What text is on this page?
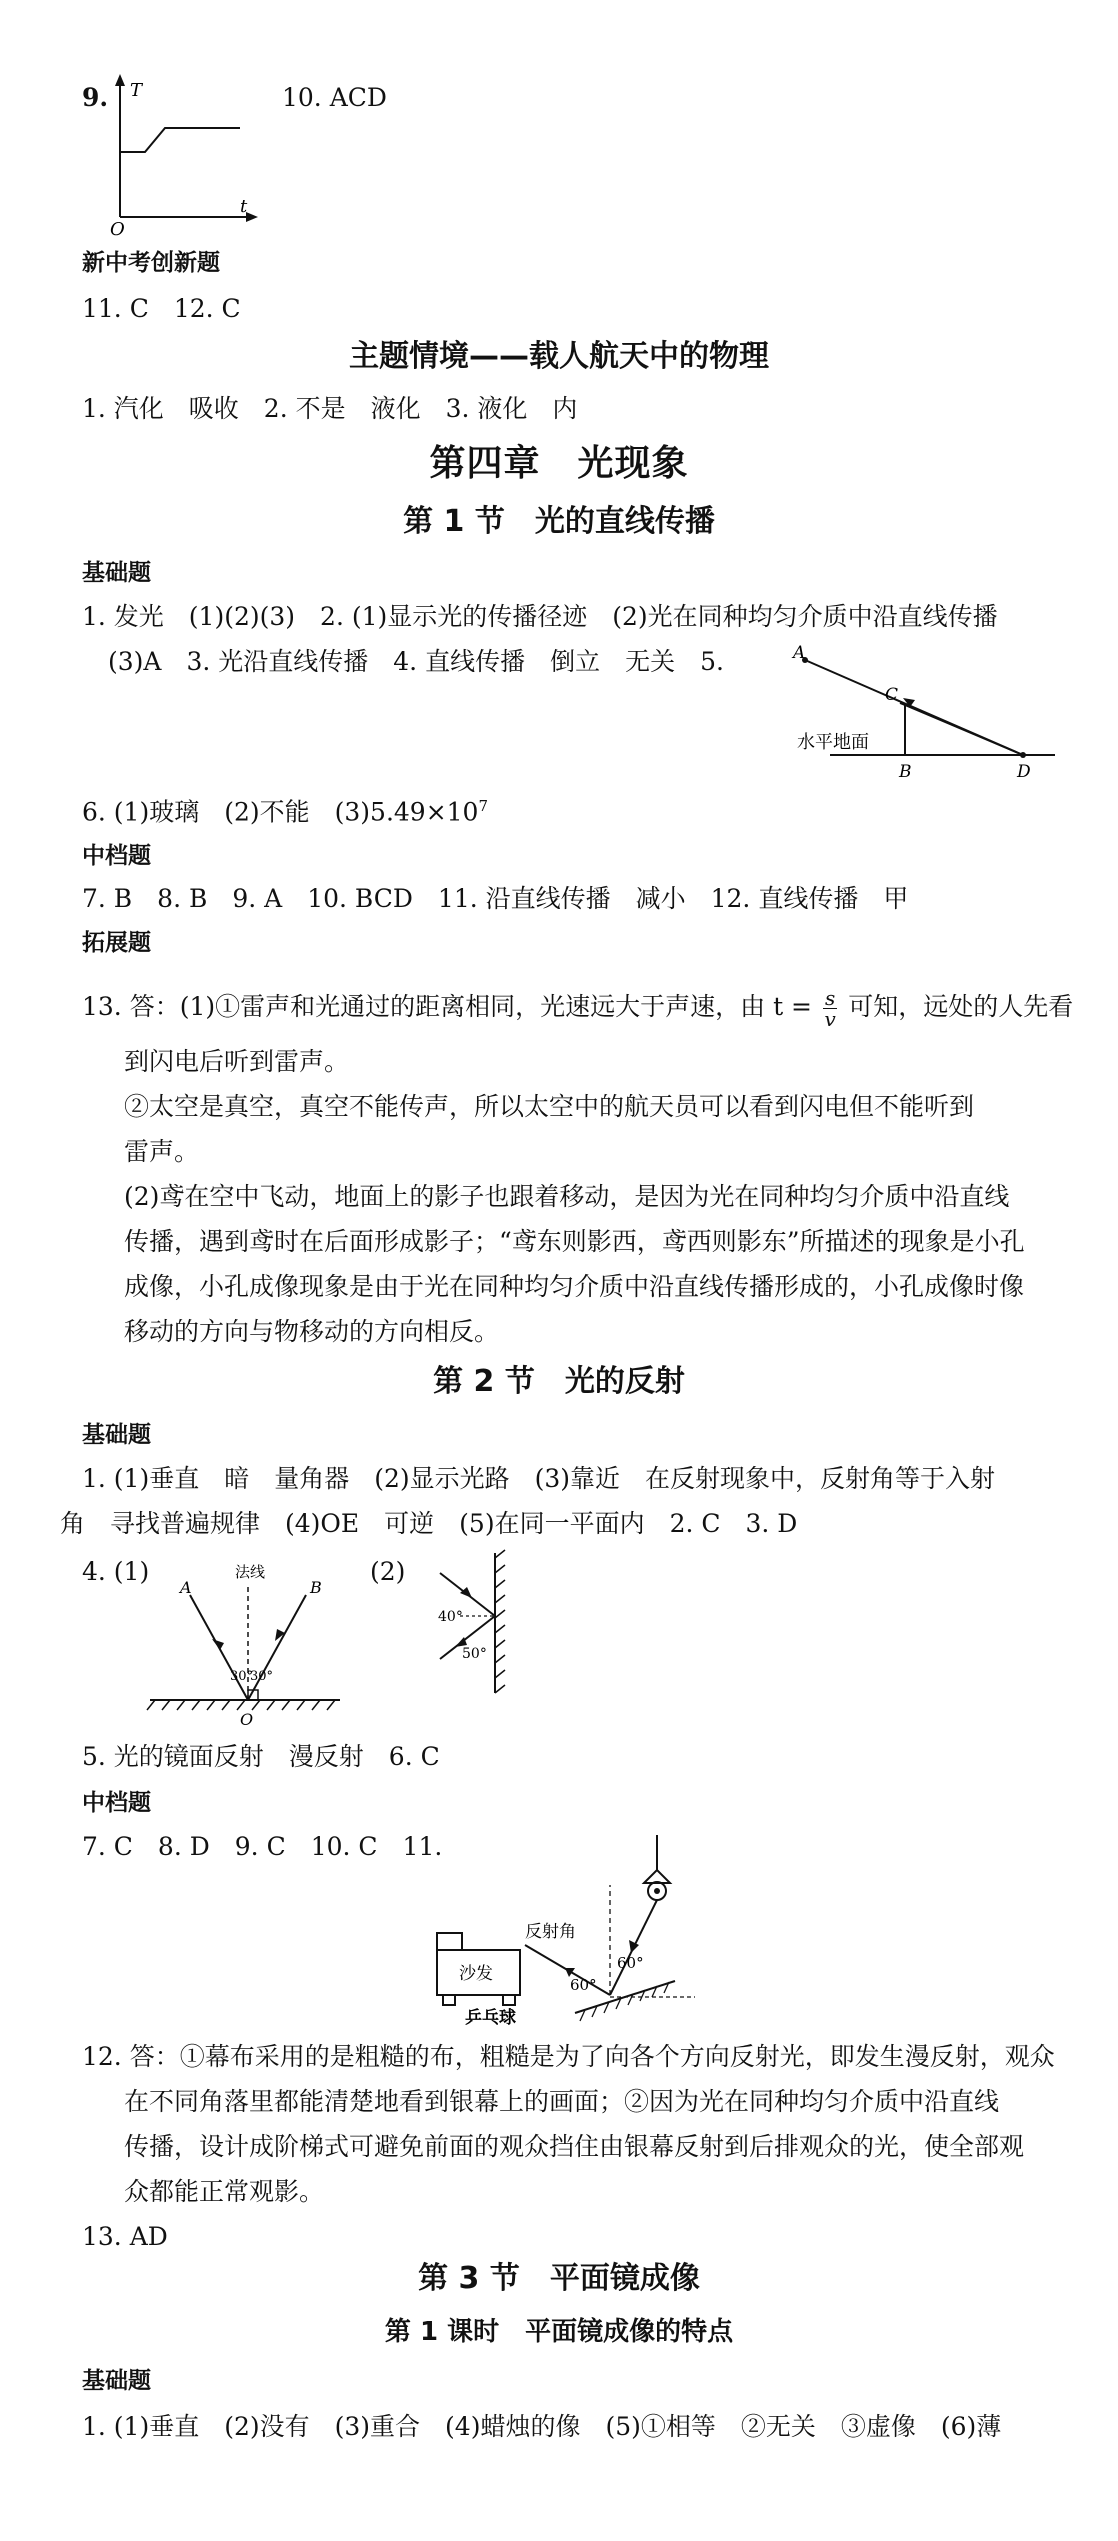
9. T
t
O
10. ACD
新中考创新题
11. C　12. C
主题情境——载人航天中的物理
1. 汽化　吸收　2. 不是　液化　3. 液化　内
第四章　光现象
第 1 节　光的直线传播
基础题
1. 发光　(1)(2)(3)　2. (1)显示光的传播径迹　(2)光在同种均匀介质中沿直线传播
(3)A　3. 光沿直线传播　4. 直线传播　倒立　无关　5.	A
C
B	D
水平地面
6. (1)玻璃　(2)不能　$(3)5.49\times 10^7$
中档题
7. B　8. B　9. A　10. BCD　11. 沿直线传播　减小　12. 直线传播　甲
拓展题
13. 答：(1)①雷声和光通过的距离相同，光速远大于声速，由 $t = \frac{s}{v}$ 可知，远处的人先看
到闪电后听到雷声。
②太空是真空，真空不能传声，所以太空中的航天员可以看到闪电但不能听到
雷声。
(2)鸢在空中飞动，地面上的影子也跟着移动，是因为光在同种均匀介质中沿直线
传播，遇到鸢时在后面形成影子；“鸢东则影西，鸢西则影东”所描述的现象是小孔
成像，小孔成像现象是由于光在同种均匀介质中沿直线传播形成的，小孔成像时像
移动的方向与物移动的方向相反。
第 2 节　光的反射
基础题
1. (1)垂直　暗　量角器　(2)显示光路　(3)靠近　在反射现象中，反射角等于入射
角　寻找普遍规律　(4)OE　可逆　(5)在同一平面内　2. C　3. D
4. (1)	法线
A	B
30°
30°
O
(2)
40°
50°
5. 光的镜面反射　漫反射　6. C
中档题
7. C　8. D　9. C　10. C　11.
沙发
反射角
60°
60°
乒乓球
12. 答：①幕布采用的是粗糙的布，粗糙是为了向各个方向反射光，即发生漫反射，观众
在不同角落里都能清楚地看到银幕上的画面；②因为光在同种均匀介质中沿直线
传播，设计成阶梯式可避免前面的观众挡住由银幕反射到后排观众的光，使全部观
众都能正常观影。
13. AD
第 3 节　平面镜成像
第 1 课时　平面镜成像的特点
基础题
1. (1)垂直　(2)没有　(3)重合　(4)蜡烛的像　(5)①相等　②无关　③虚像　(6)薄
